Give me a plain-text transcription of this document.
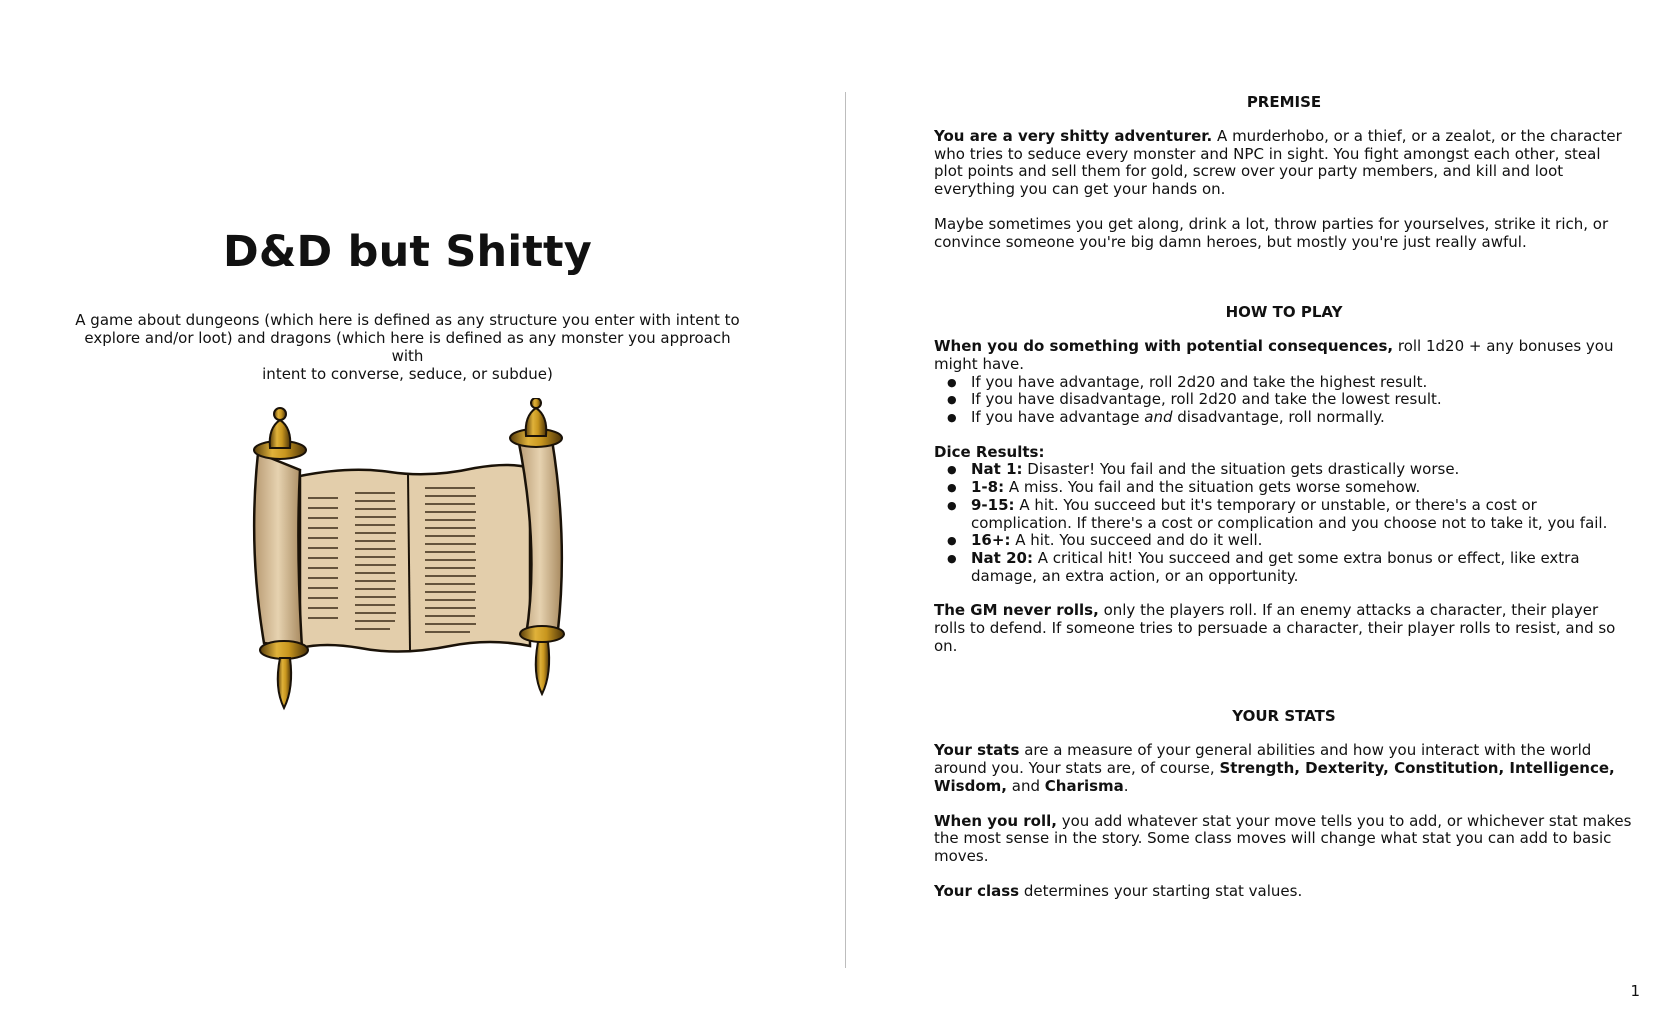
D&D but Shitty
A game about dungeons (which here is defined as any structure you enter with intent to
explore and/or loot) and dragons (which here is defined as any monster you approach with
intent to converse, seduce, or subdue)
PREMISE

You are a very shitty adventurer. A murderhobo, or a thief, or a zealot, or the character who tries to seduce every monster and NPC in sight. You fight amongst each other, steal plot points and sell them for gold, screw over your party members, and kill and loot everything you can get your hands on.

Maybe sometimes you get along, drink a lot, throw parties for yourselves, strike it rich, or convince someone you're big damn heroes, but mostly you're just really awful.

HOW TO PLAY

When you do something with potential consequences, roll 1d20 + any bonuses you might have.

● If you have advantage, roll 2d20 and take the highest result.
● If you have disadvantage, roll 2d20 and take the lowest result.
● If you have advantage and disadvantage, roll normally.

Dice Results:

● Nat 1: Disaster! You fail and the situation gets drastically worse.
● 1-8: A miss. You fail and the situation gets worse somehow.
● 9-15: A hit. You succeed but it's temporary or unstable, or there's a cost or complication. If there's a cost or complication and you choose not to take it, you fail.
● 16+: A hit. You succeed and do it well.
● Nat 20: A critical hit! You succeed and get some extra bonus or effect, like extra damage, an extra action, or an opportunity.

The GM never rolls, only the players roll. If an enemy attacks a character, their player rolls to defend. If someone tries to persuade a character, their player rolls to resist, and so on.

YOUR STATS

Your stats are a measure of your general abilities and how you interact with the world around you. Your stats are, of course, Strength, Dexterity, Constitution, Intelligence, Wisdom, and Charisma.

When you roll, you add whatever stat your move tells you to add, or whichever stat makes the most sense in the story. Some class moves will change what stat you can add to basic moves.

Your class determines your starting stat values.

1
